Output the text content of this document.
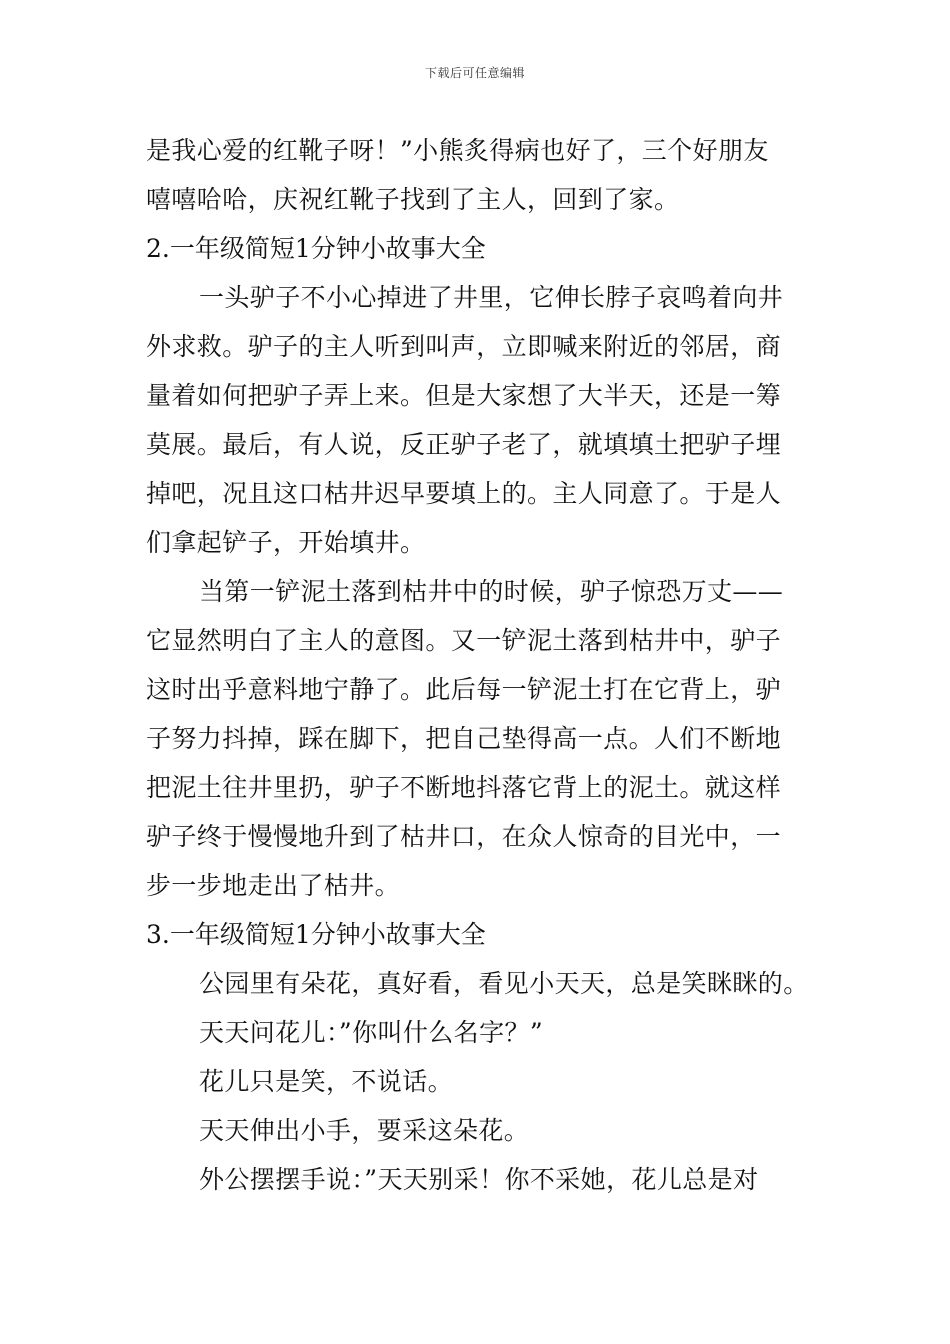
下载后可任意编辑
是我心爱的红靴子呀！”小熊炙得病也好了，三个好朋友
嘻嘻哈哈，庆祝红靴子找到了主人，回到了家。
2.一年级简短1分钟小故事大全
一头驴子不小心掉进了井里，它伸长脖子哀鸣着向井
外求救。驴子的主人听到叫声，立即喊来附近的邻居，商
量着如何把驴子弄上来。但是大家想了大半天，还是一筹
莫展。最后，有人说，反正驴子老了，就填填土把驴子埋
掉吧，况且这口枯井迟早要填上的。主人同意了。于是人
们拿起铲子，开始填井。
当第一铲泥土落到枯井中的时候，驴子惊恐万丈——
它显然明白了主人的意图。又一铲泥土落到枯井中，驴子
这时出乎意料地宁静了。此后每一铲泥土打在它背上，驴
子努力抖掉，踩在脚下，把自己垫得高一点。人们不断地
把泥土往井里扔，驴子不断地抖落它背上的泥土。就这样
驴子终于慢慢地升到了枯井口，在众人惊奇的目光中，一
步一步地走出了枯井。
3.一年级简短1分钟小故事大全
公园里有朵花，真好看，看见小天天，总是笑眯眯的。
天天问花儿：”你叫什么名字？”
花儿只是笑，不说话。
天天伸出小手，要采这朵花。
外公摆摆手说：”天天别采！你不采她，花儿总是对
